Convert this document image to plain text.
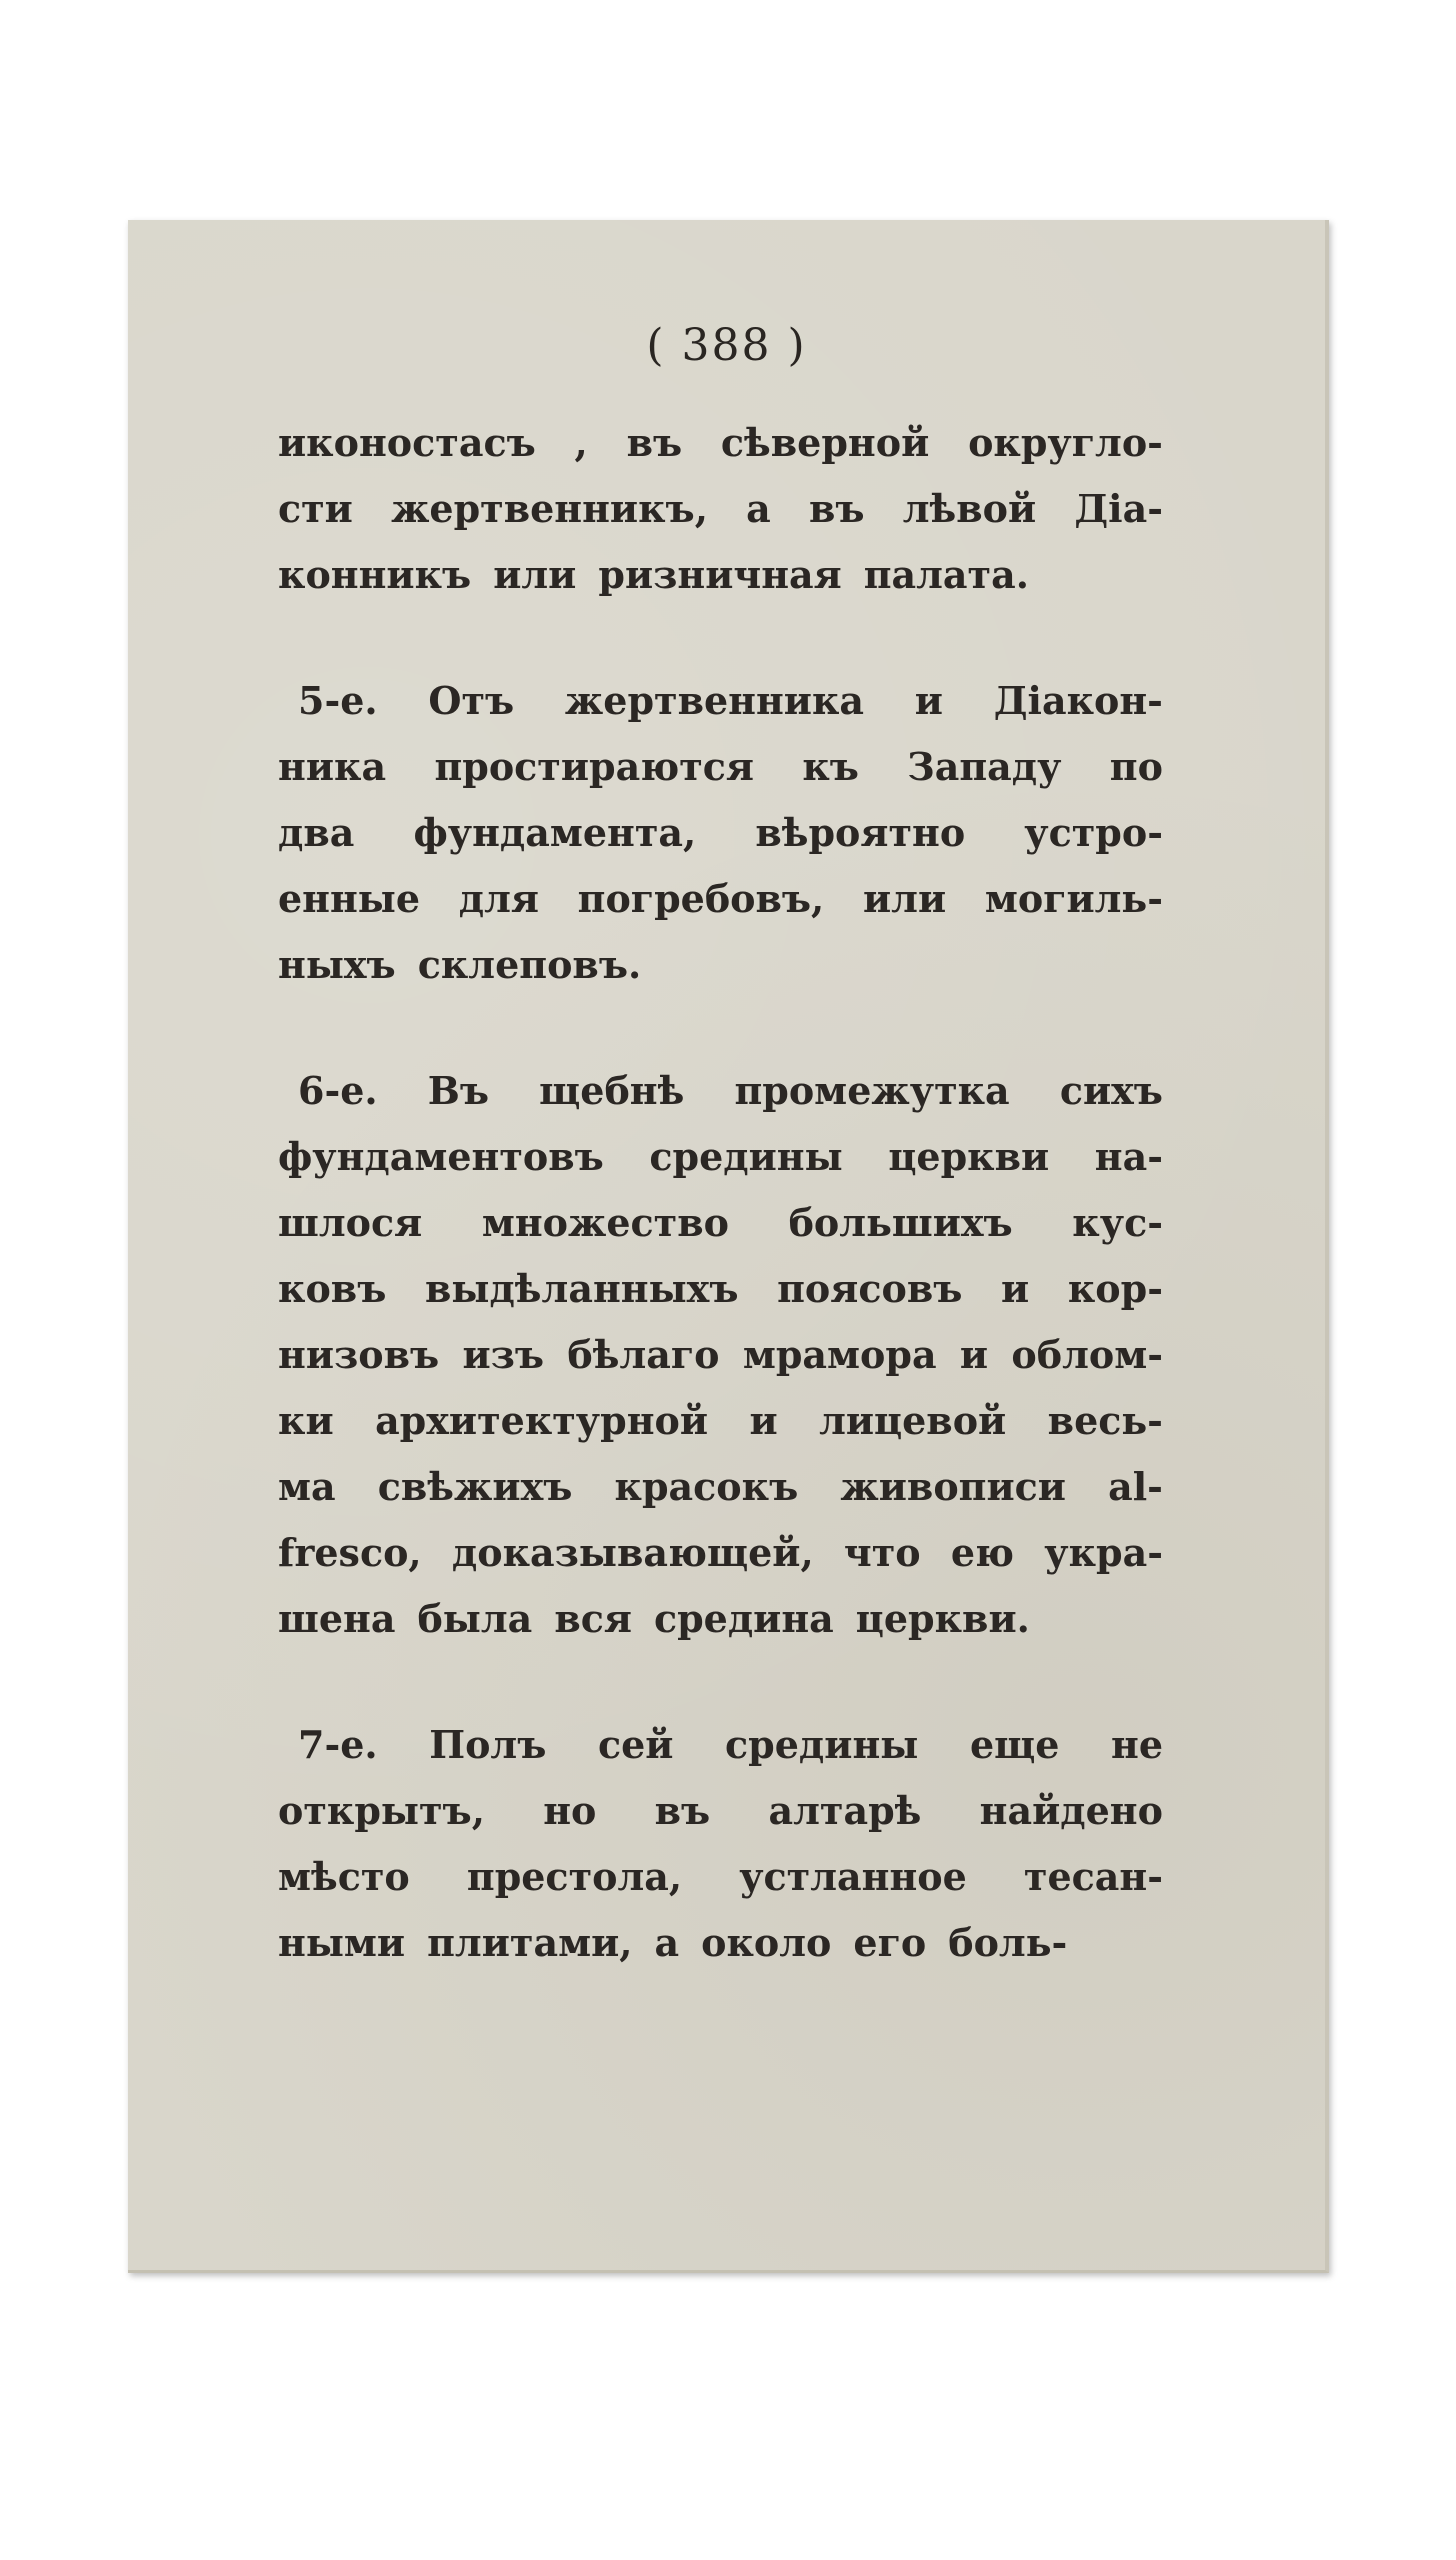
( 388 )
иконостасъ , въ сѣверной округло-
сти жертвенникъ, а въ лѣвой Діа-
конникъ или ризничная палата.
5-е. Отъ жертвенника и Діакон-
ника простираются къ Западу по
два фундамента, вѣроятно устро-
енные для погребовъ, или могиль-
ныхъ склеповъ.
6-е. Въ щебнѣ промежутка сихъ
фундаментовъ средины церкви на-
шлося множество большихъ кус-
ковъ выдѣланныхъ поясовъ и кор-
низовъ изъ бѣлаго мрамора и облом-
ки архитектурной и лицевой весь-
ма свѣжихъ красокъ живописи al-
fresco, доказывающей, что ею укра-
шена была вся средина церкви.
7-е. Полъ сей средины еще не
открытъ, но въ алтарѣ найдено
мѣсто престола, устланное тесан-
ными плитами, а около его боль-
